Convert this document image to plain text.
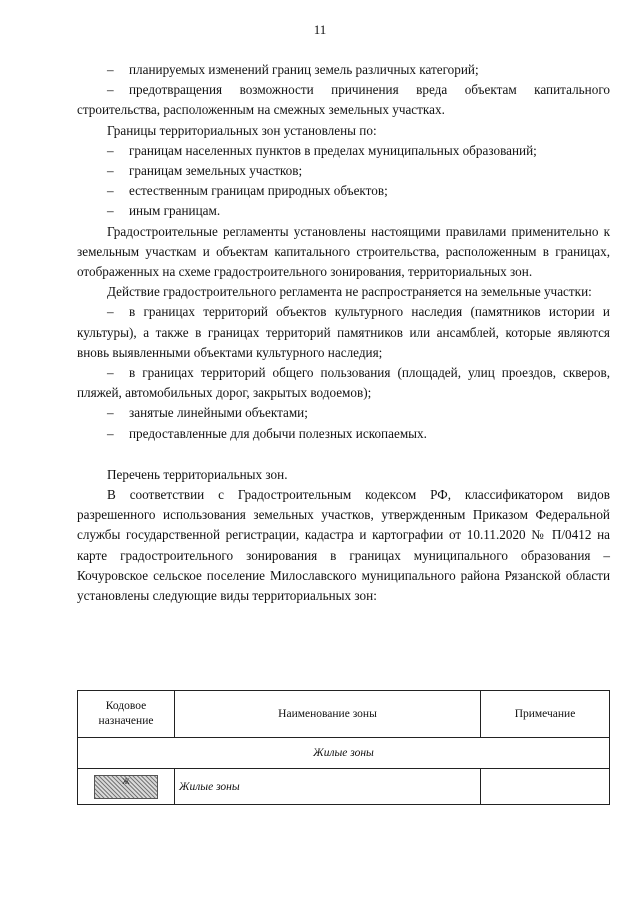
11
–	планируемых изменений границ земель различных категорий;

– предотвращения возможности причинения вреда объектам капитального строительства, расположенным на смежных земельных участках.

Границы территориальных зон установлены по:

–	границам населенных пунктов в пределах муниципальных образований;
–	границам земельных участков;
–	естественным границам природных объектов;
–	иным границам.

Градостроительные регламенты установлены настоящими правилами применительно к земельным участкам и объектам капитального строительства, расположенным в границах, отображенных на схеме градостроительного зонирования, территориальных зон.

Действие градостроительного регламента не распространяется на земельные участки:

– в границах территорий объектов культурного наследия (памятников истории и культуры), а также в границах территорий памятников или ансамблей, которые являются вновь выявленными объектами культурного наследия;

– в границах территорий общего пользования (площадей, улиц проездов, скверов, пляжей, автомобильных дорог, закрытых водоемов);

–	занятые линейными объектами;
–	предоставленные для добычи полезных ископаемых.

Перечень территориальных зон.

В соответствии с Градостроительным кодексом РФ, классификатором видов разрешенного использования земельных участков, утвержденным Приказом Федеральной службы государственной регистрации, кадастра и картографии от 10.11.2020 № П/0412 на карте градостроительного зонирования в границах муниципального образования – Кочуровское сельское поселение Милославского муниципального района Рязанской области установлены следующие виды территориальных зон:

Кодовое назначение	Наименование зоны	Примечание
Жилые зоны		

Ж	Жилые зоны	
